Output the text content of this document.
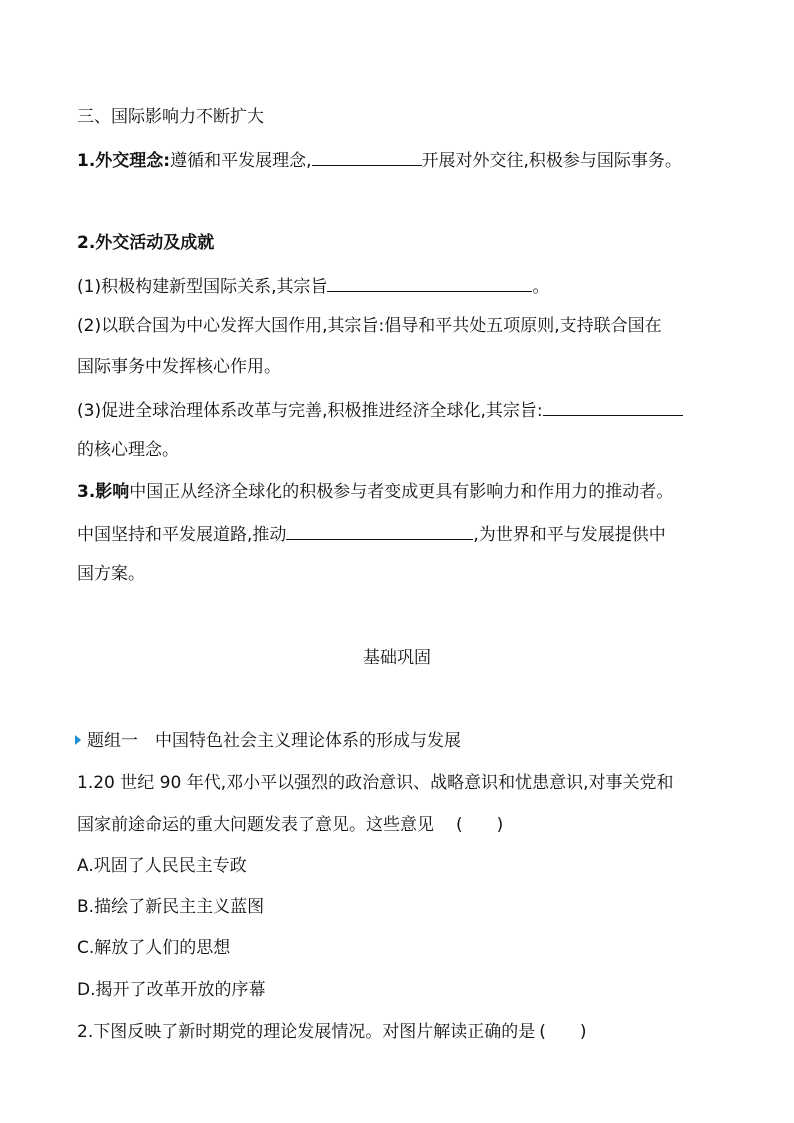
三、国际影响力不断扩大
1.外交理念:遵循和平发展理念,	开展对外交往,积极参与国际事务。
2.外交活动及成就
(1)积极构建新型国际关系,其宗旨	。
(2)以联合国为中心发挥大国作用,其宗旨:倡导和平共处五项原则,支持联合国在
国际事务中发挥核心作用。
(3)促进全球治理体系改革与完善,积极推进经济全球化,其宗旨:
的核心理念。
3.影响中国正从经济全球化的积极参与者变成更具有影响力和作用力的推动者。
中国坚持和平发展道路,推动	,为世界和平与发展提供中
国方案。
基础巩固
题组一　中国特色社会主义理论体系的形成与发展
1.20 世纪 90 年代,邓小平以强烈的政治意识、战略意识和忧患意识,对事关党和
国家前途命运的重大问题发表了意见。这些意见 (　　)
A.巩固了人民民主专政
B.描绘了新民主主义蓝图
C.解放了人们的思想
D.揭开了改革开放的序幕
2.下图反映了新时期党的理论发展情况。对图片解读正确的是 (　　)
